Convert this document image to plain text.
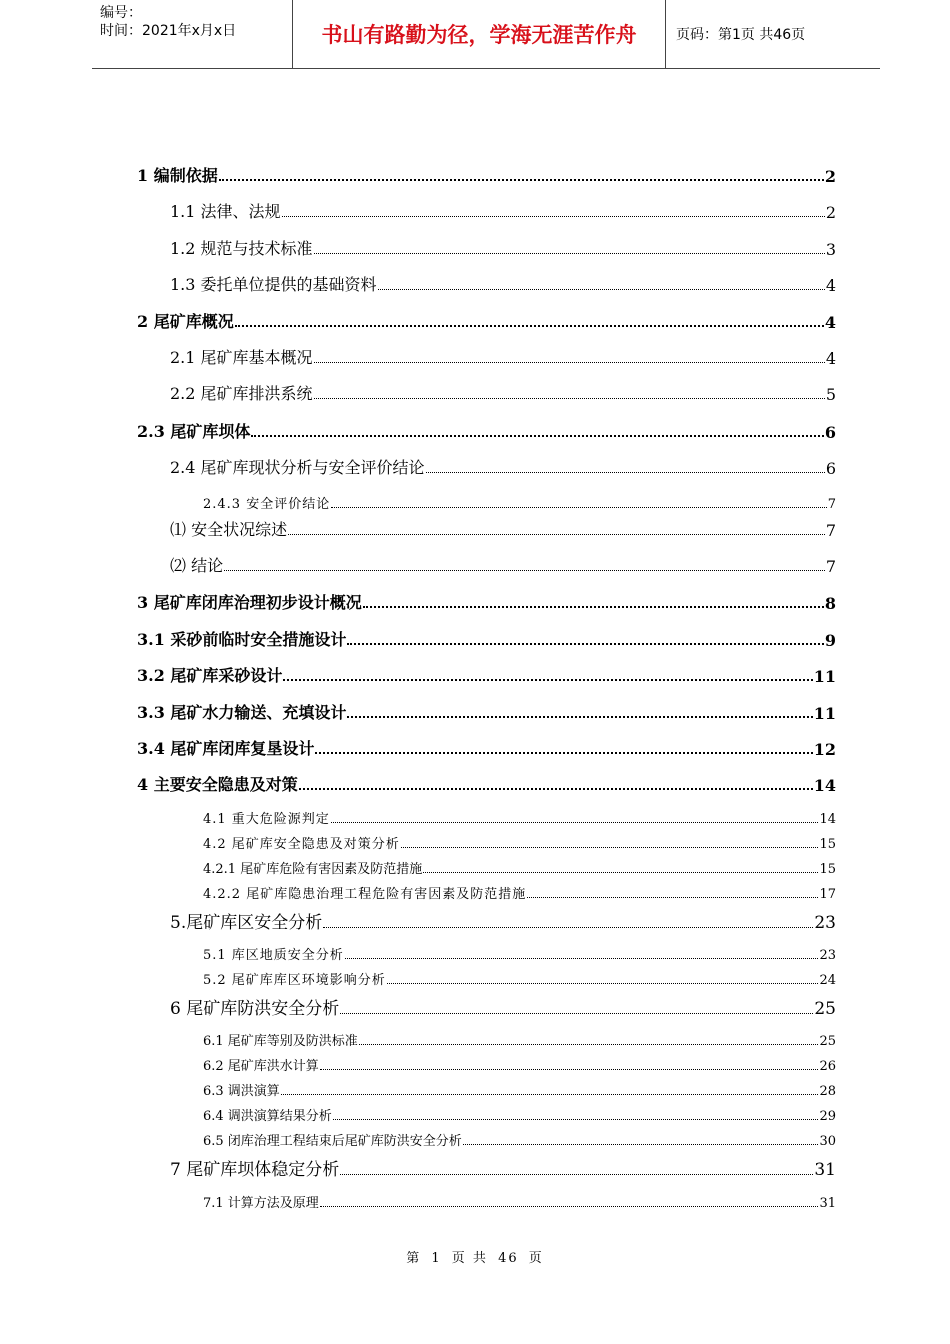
编号：
时间：2021年x月x日	书山有路勤为径，学海无涯苦作舟	页码：第1页 共46页
1 编制依据	2
1.1 法律、法规	2
1.2 规范与技术标准	3
1.3 委托单位提供的基础资料	4
2 尾矿库概况	4
2.1 尾矿库基本概况	4
2.2 尾矿库排洪系统	5
2.3 尾矿库坝体	6
2.4 尾矿库现状分析与安全评价结论	6
2.4.3 安全评价结论	7
⑴ 安全状况综述	7
⑵ 结论	7
3 尾矿库闭库治理初步设计概况	8
3.1 采砂前临时安全措施设计	9
3.2 尾矿库采砂设计	11
3.3 尾矿水力输送、充填设计	11
3.4 尾矿库闭库复垦设计	12
4 主要安全隐患及对策	14
4.1 重大危险源判定	14
4.2 尾矿库安全隐患及对策分析	15
4.2.1 尾矿库危险有害因素及防范措施	15
4.2.2 尾矿库隐患治理工程危险有害因素及防范措施	17
5.尾矿库区安全分析	23
5.1 库区地质安全分析	23
5.2 尾矿库库区环境影响分析	24
6 尾矿库防洪安全分析	25
6.1 尾矿库等别及防洪标准	25
6.2 尾矿库洪水计算	26
6.3 调洪演算	28
6.4 调洪演算结果分析	29
6.5 闭库治理工程结束后尾矿库防洪安全分析	30
7 尾矿库坝体稳定分析	31
7.1 计算方法及原理	31
第 1 页 共 46 页
